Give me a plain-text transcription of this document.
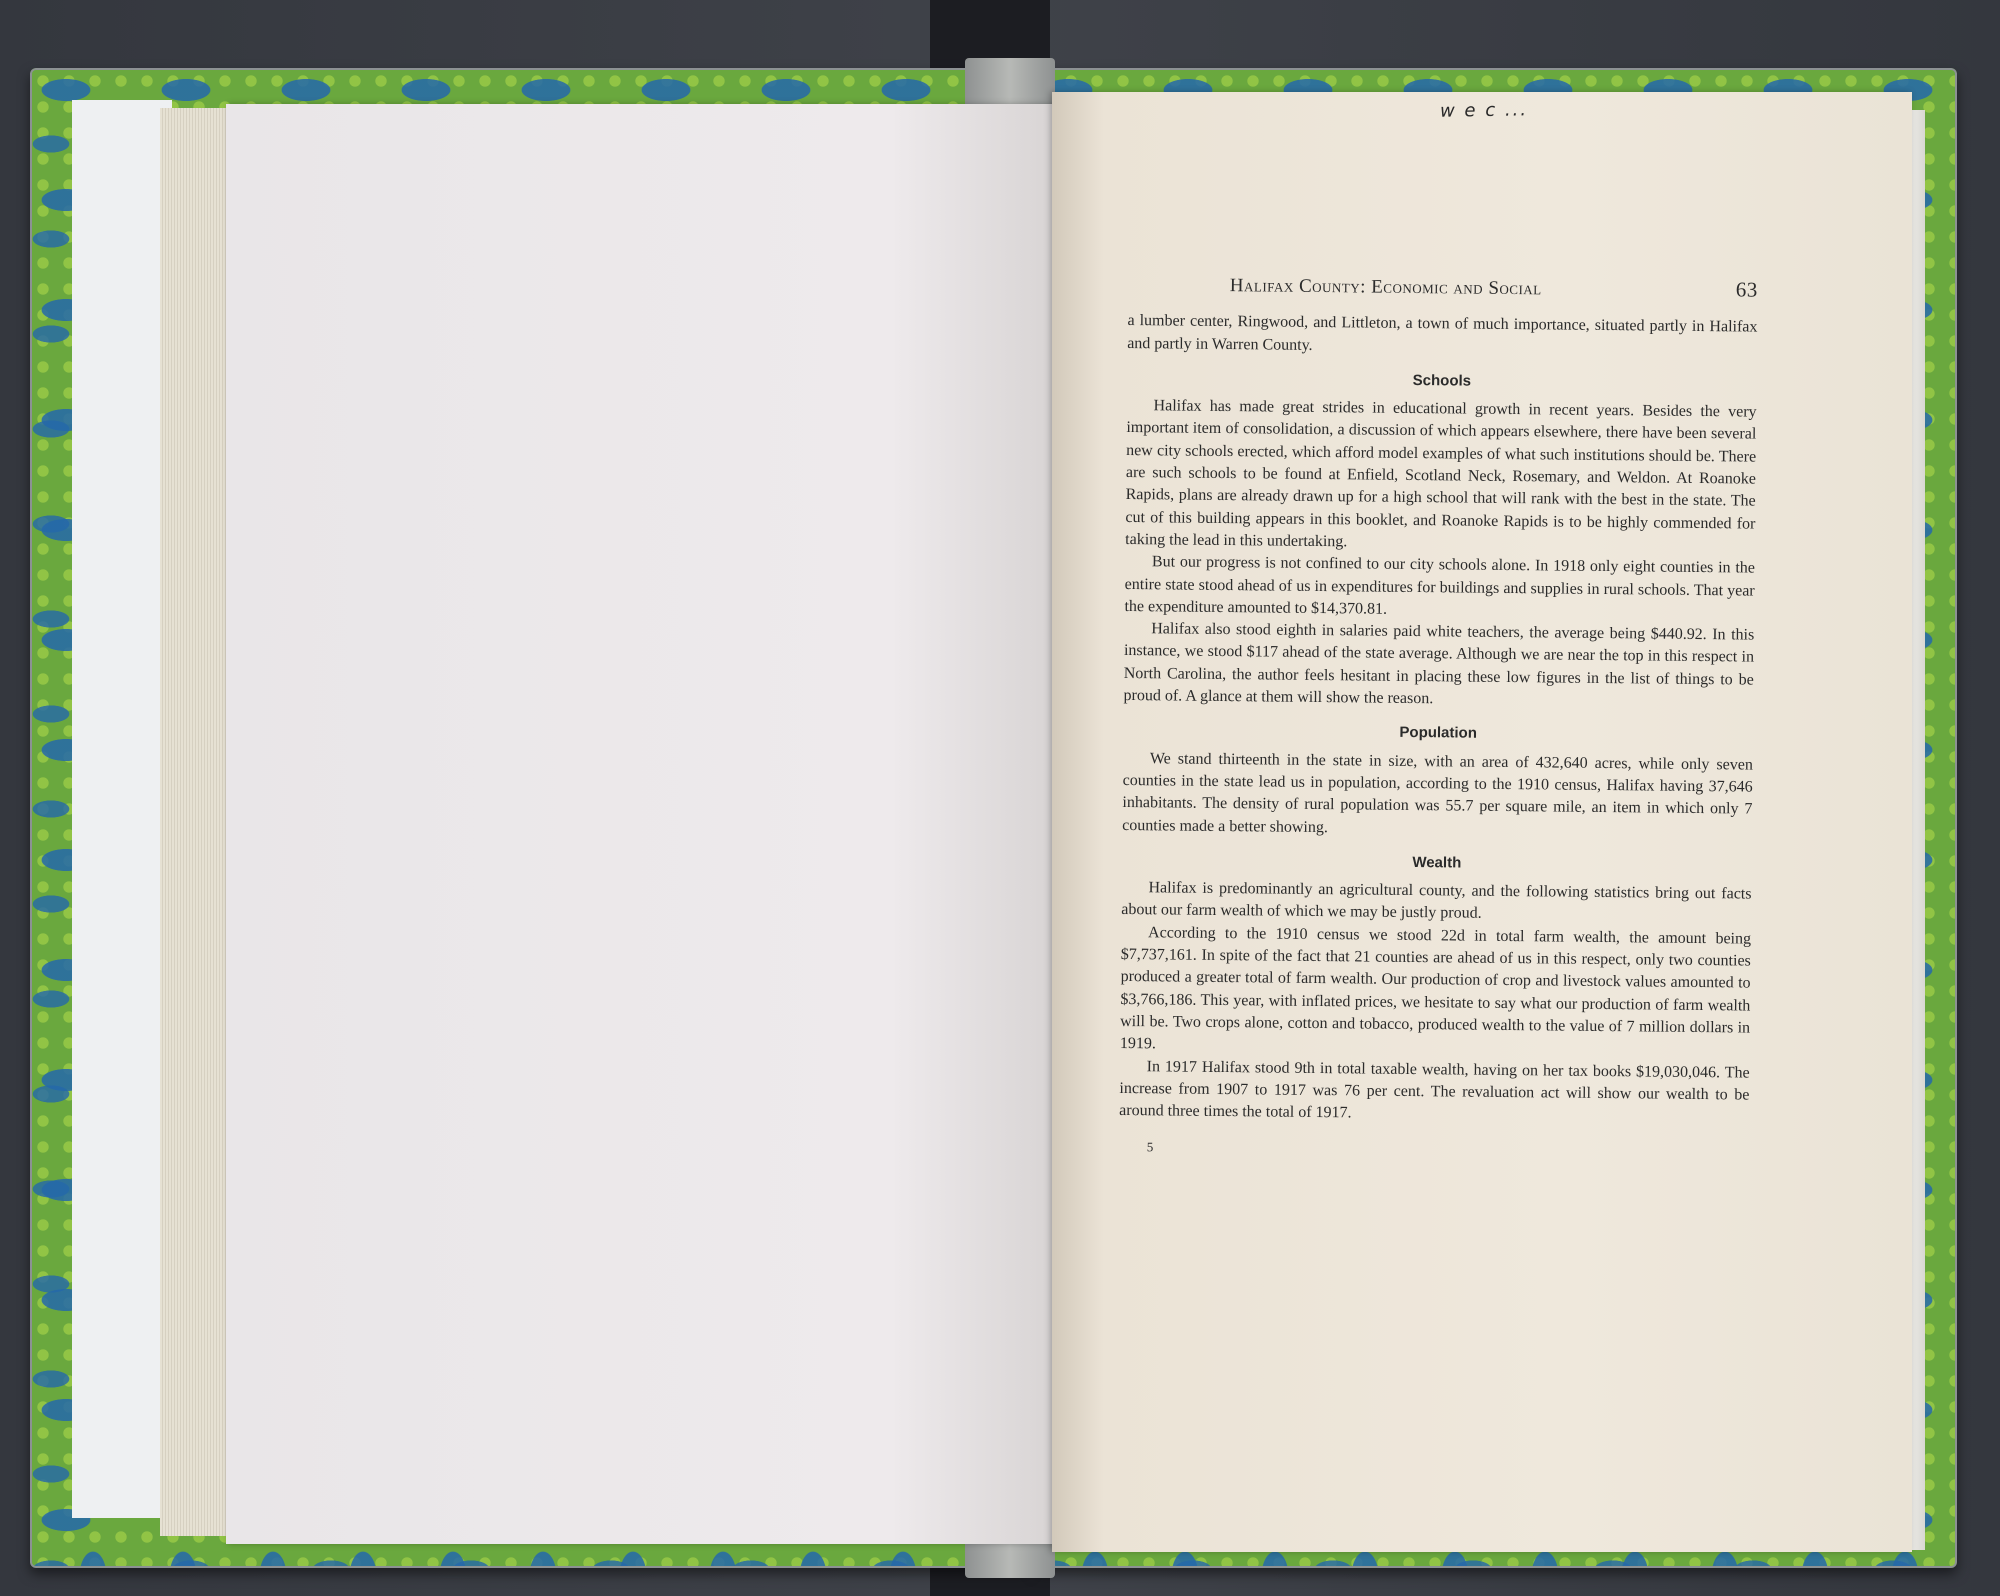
w e c ...
Halifax County: Economic and Social	63

a lumber center, Ringwood, and Littleton, a town of much importance, situated partly in Halifax and partly in Warren County.

Schools

Halifax has made great strides in educational growth in recent years. Besides the very important item of consolidation, a discussion of which appears elsewhere, there have been several new city schools erected, which afford model examples of what such institutions should be. There are such schools to be found at Enfield, Scotland Neck, Rosemary, and Weldon. At Roanoke Rapids, plans are already drawn up for a high school that will rank with the best in the state. The cut of this building appears in this booklet, and Roanoke Rapids is to be highly commended for taking the lead in this undertaking.

But our progress is not confined to our city schools alone. In 1918 only eight counties in the entire state stood ahead of us in expenditures for buildings and supplies in rural schools. That year the expenditure amounted to $14,370.81.

Halifax also stood eighth in salaries paid white teachers, the average being $440.92. In this instance, we stood $117 ahead of the state average. Although we are near the top in this respect in North Carolina, the author feels hesitant in placing these low figures in the list of things to be proud of. A glance at them will show the reason.

Population

We stand thirteenth in the state in size, with an area of 432,640 acres, while only seven counties in the state lead us in population, according to the 1910 census, Halifax having 37,646 inhabitants. The density of rural population was 55.7 per square mile, an item in which only 7 counties made a better showing.

Wealth

Halifax is predominantly an agricultural county, and the following statistics bring out facts about our farm wealth of which we may be justly proud.

According to the 1910 census we stood 22d in total farm wealth, the amount being $7,737,161. In spite of the fact that 21 counties are ahead of us in this respect, only two counties produced a greater total of farm wealth. Our production of crop and livestock values amounted to $3,766,186. This year, with inflated prices, we hesitate to say what our production of farm wealth will be. Two crops alone, cotton and tobacco, produced wealth to the value of 7 million dollars in 1919.

In 1917 Halifax stood 9th in total taxable wealth, having on her tax books $19,030,046. The increase from 1907 to 1917 was 76 per cent. The revaluation act will show our wealth to be around three times the total of 1917.

5
